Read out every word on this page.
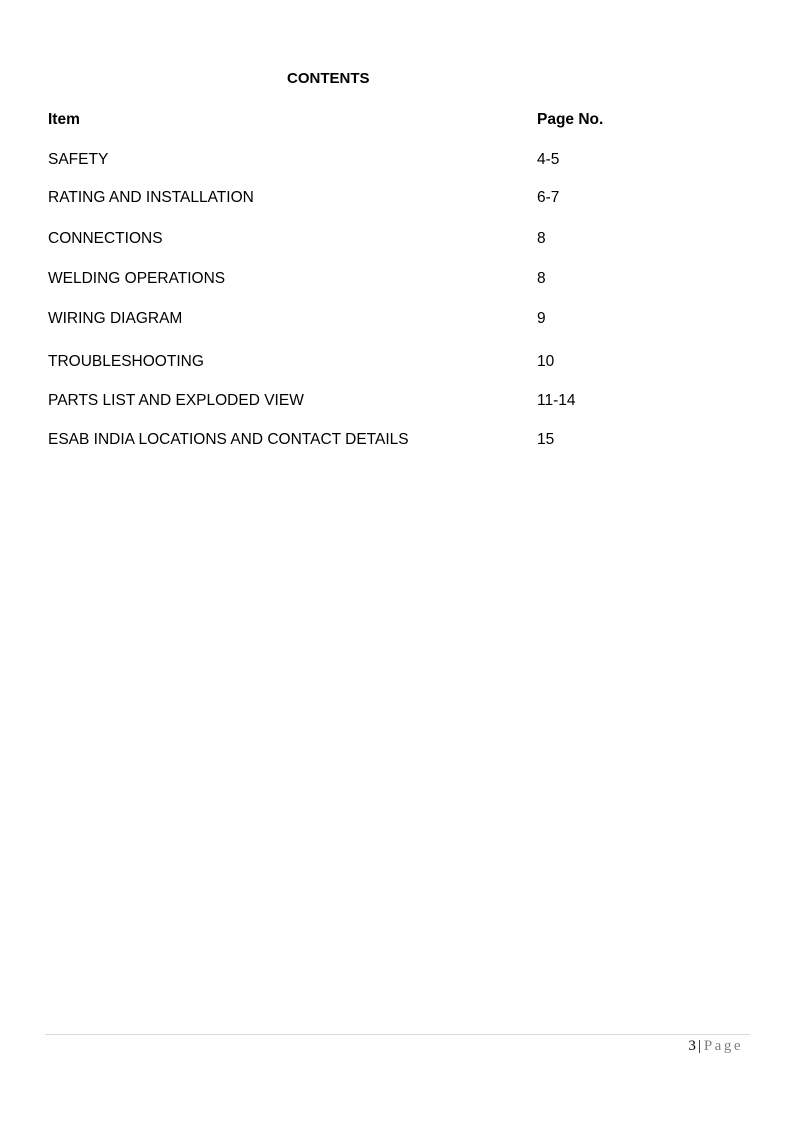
CONTENTS
Item	Page No.
SAFETY	4-5
RATING AND INSTALLATION	6-7
CONNECTIONS	8
WELDING OPERATIONS	8
WIRING DIAGRAM	9
TROUBLESHOOTING	10
PARTS LIST AND EXPLODED VIEW	11-14
ESAB INDIA LOCATIONS AND CONTACT DETAILS	15
3 | Page
